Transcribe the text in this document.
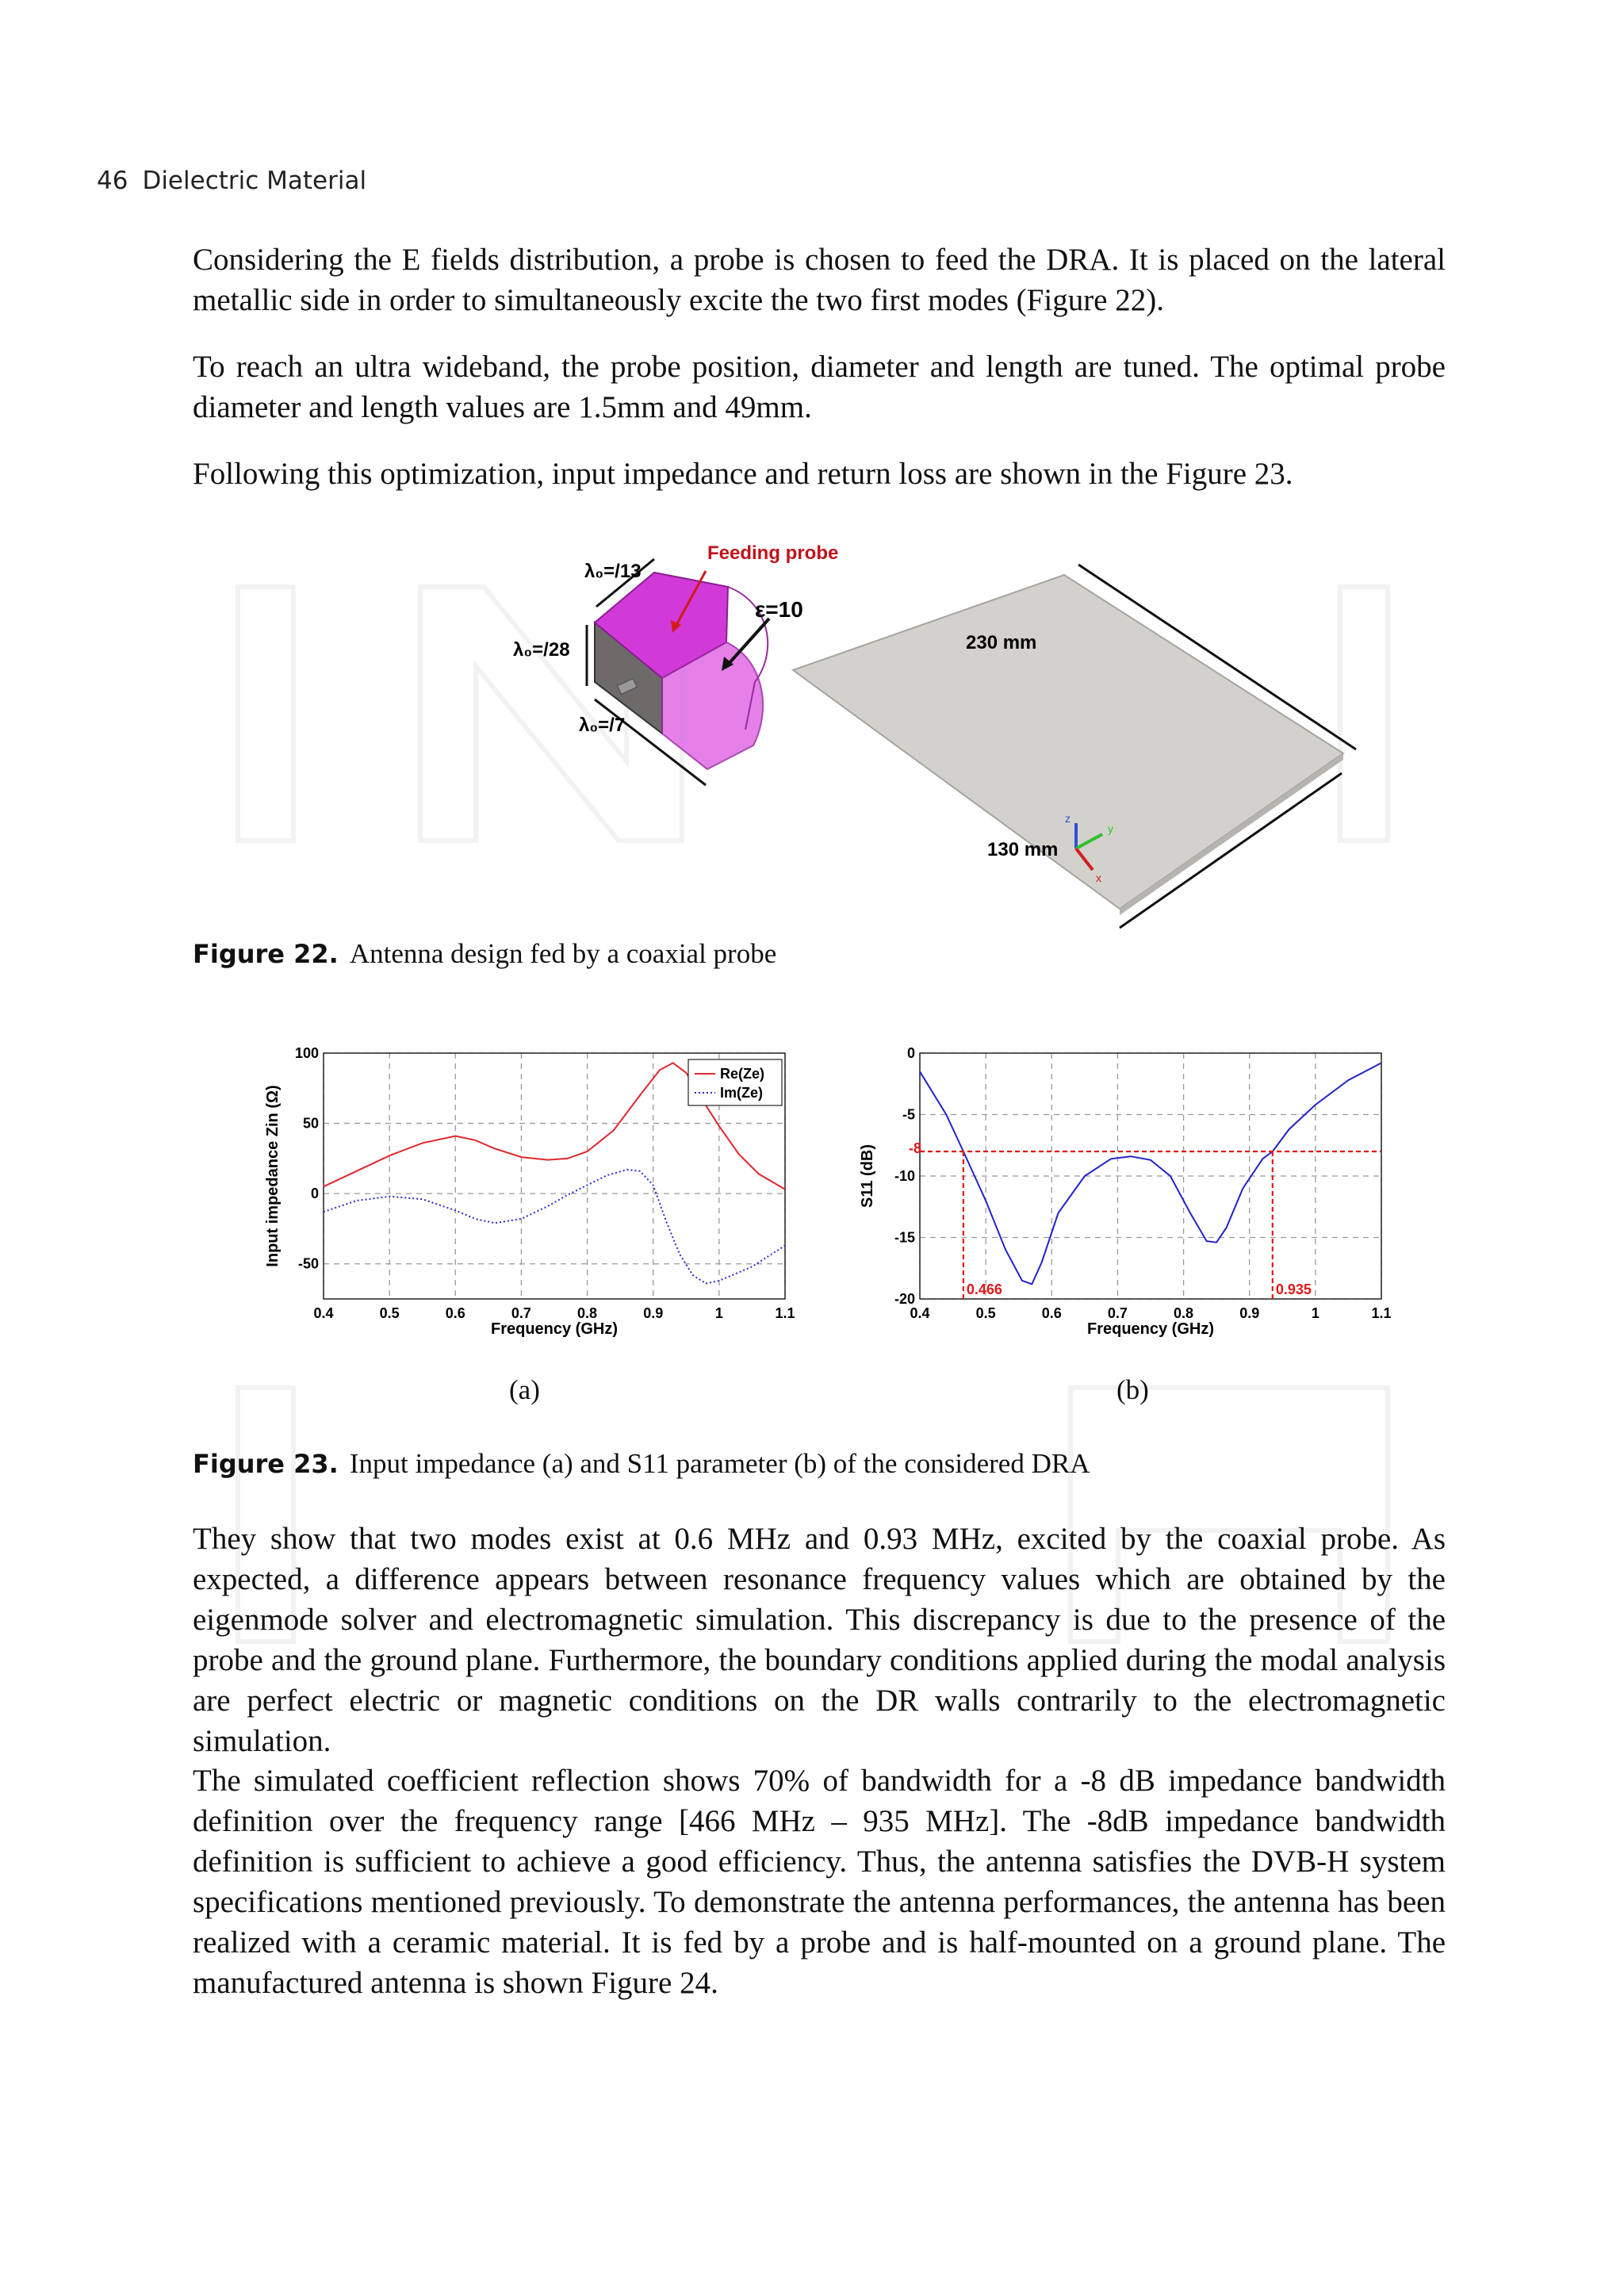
46 Dielectric Material

Considering the E fields distribution, a probe is chosen to feed the DRA. It is placed on the lateral metallic side in order to simultaneously excite the two first modes (Figure 22).

To reach an ultra wideband, the probe position, diameter and length are tuned. The optimal probe diameter and length values are 1.5mm and 49mm.

Following this optimization, input impedance and return loss are shown in the Figure 23.

Feeding probe
λ₀=/13
λ₀=/28
λ₀=/7
ε=10
230 mm
130 mm
z
y
x
Figure 22. Antenna design fed by a coaxial probe
0.4	0.5	0.6	0.7	0.8	0.9	1	1.1
100
50
0
-50
Frequency (GHz)
Input impedance Zin (Ω)
Re(Ze)
Im(Ze)
0.4	0.5	0.6	0.7	0.8	0.9	1	1.1
0
-5
-10
-15
-20
Frequency (GHz)
S11 (dB) -8
0.466	0.935
(a)	(b)
Figure 23. Input impedance (a) and S11 parameter (b) of the considered DRA

They show that two modes exist at 0.6 MHz and 0.93 MHz, excited by the coaxial probe. As expected, a difference appears between resonance frequency values which are obtained by the eigenmode solver and electromagnetic simulation. This discrepancy is due to the presence of the probe and the ground plane. Furthermore, the boundary conditions applied during the modal analysis are perfect electric or magnetic conditions on the DR walls contrarily to the electromagnetic simulation.

The simulated coefficient reflection shows 70% of bandwidth for a -8 dB impedance bandwidth definition over the frequency range [466 MHz – 935 MHz]. The -8dB impedance bandwidth definition is sufficient to achieve a good efficiency. Thus, the antenna satisfies the DVB-H system specifications mentioned previously. To demonstrate the antenna performances, the antenna has been realized with a ceramic material. It is fed by a probe and is half-mounted on a ground plane. The manufactured antenna is shown Figure 24.
